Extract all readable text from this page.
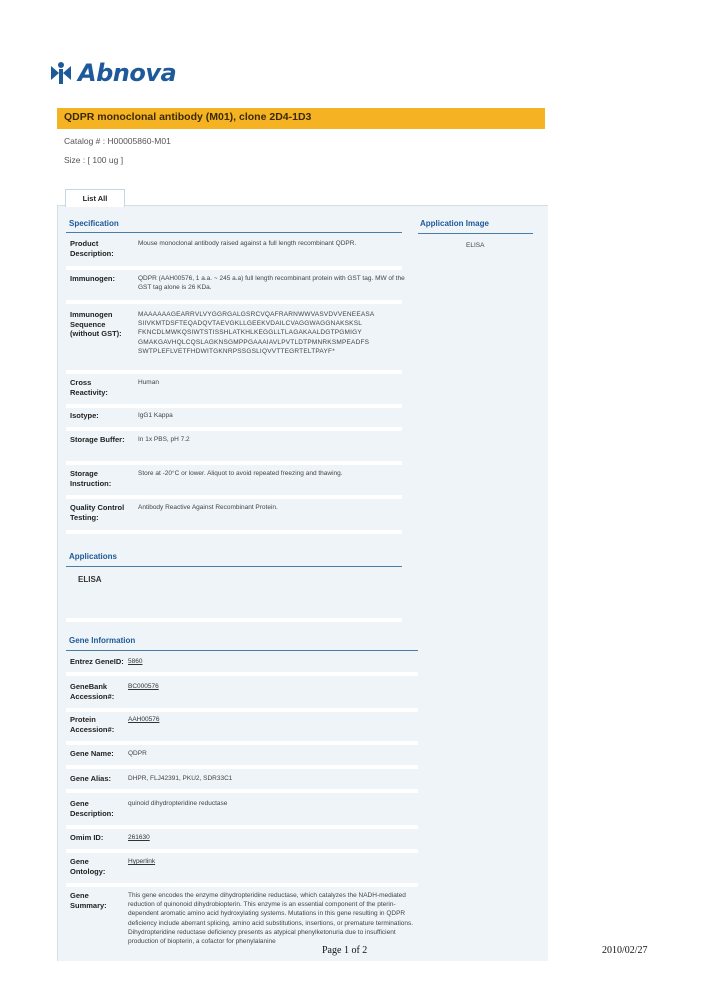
Abnova
QDPR monoclonal antibody (M01), clone 2D4-1D3
Catalog # : H00005860-M01
Size : [ 100 ug ]
List All
Specification
Product Description:
Mouse monoclonal antibody raised against a full length recombinant QDPR.
Immunogen:	QDPR (AAH00576, 1 a.a. ~ 245 a.a) full length recombinant protein with GST tag. MW of the GST tag alone is 26 KDa.
Immunogen Sequence (without GST):
MAAAAAAGEARRVLVYGGRGALGSRCVQAFRARNWWVASVDVVENEEASA SIIVKMTDSFTEQADQVTAEVGKLLGEEKVDAILCVAGGWAGGNAKSKSL FKNCDLMWKQSIWTSTISSHLATKHLKEGGLLTLAGAKAALDGTPGMIGY GMAKGAVHQLCQSLAGKNSGMPPGAAAIAVLPVTLDTPMNRKSMPEADFS SWTPLEFLVETFHDWITGKNRPSSGSLIQVVTTEGRTELTPAYF*
Cross Reactivity:
Human
Isotype:	IgG1 Kappa
Storage Buffer:	In 1x PBS, pH 7.2
Storage Instruction:
Store at -20°C or lower. Aliquot to avoid repeated freezing and thawing.
Quality Control Testing:
Antibody Reactive Against Recombinant Protein.
Application Image
ELISA
Applications
ELISA
Gene Information
Entrez GeneID: 5860
GeneBank Accession#:
BC000576
Protein Accession#:
AAH00576
Gene Name:	QDPR
Gene Alias:	DHPR, FLJ42391, PKU2, SDR33C1
Gene Description:
quinoid dihydropteridine reductase
Omim ID:	261630
Gene Ontology:
Hyperlink
Gene Summary:
This gene encodes the enzyme dihydropteridine reductase, which catalyzes the NADH-mediated reduction of quinonoid dihydrobiopterin. This enzyme is an essential component of the pterin-dependent aromatic amino acid hydroxylating systems. Mutations in this gene resulting in QDPR deficiency include aberrant splicing, amino acid substitutions, insertions, or premature terminations. Dihydropteridine reductase deficiency presents as atypical phenylketonuria due to insufficient production of biopterin, a cofactor for phenylalanine
Page 1 of 2	2010/02/27
